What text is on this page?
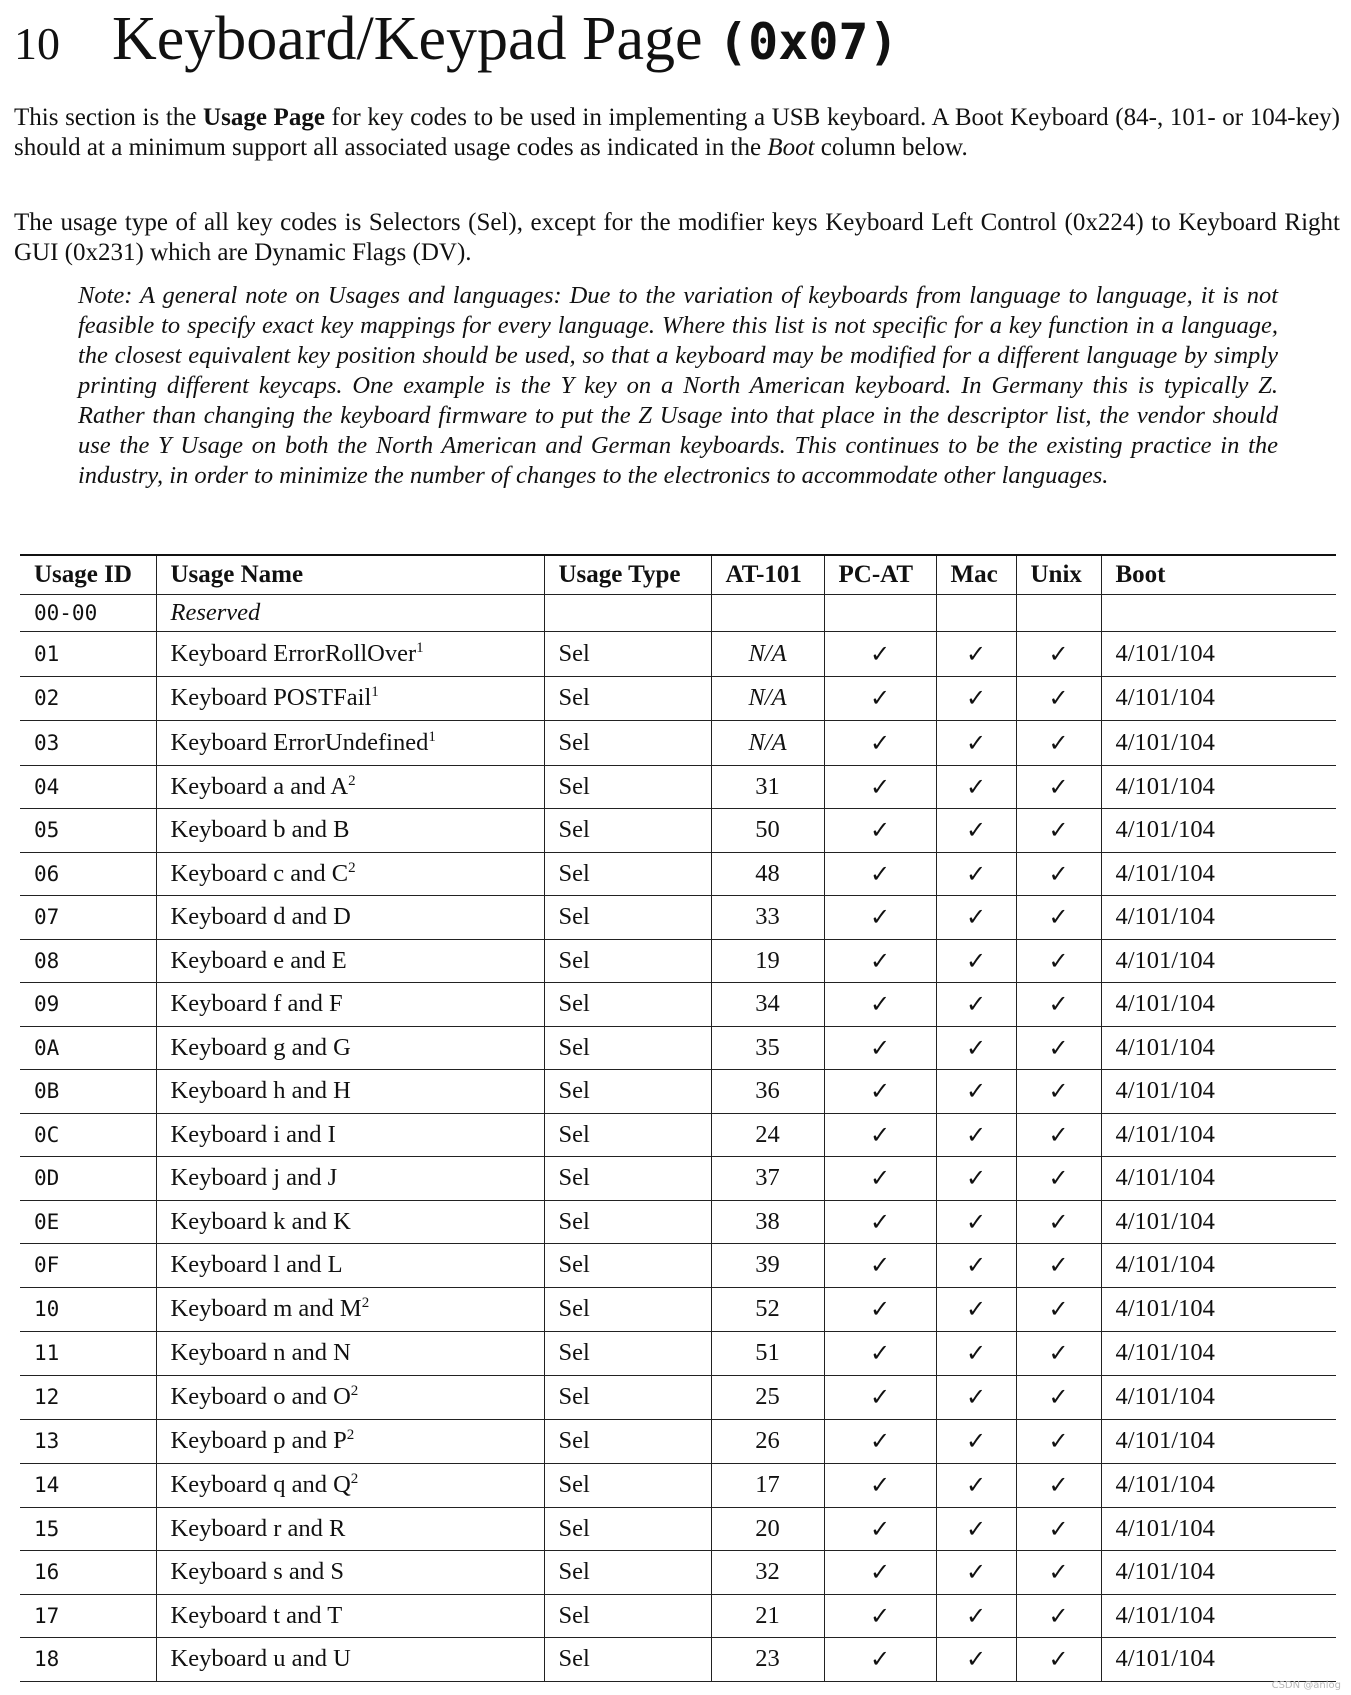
10 Keyboard/Keypad Page (0x07)

This section is the Usage Page for key codes to be used in implementing a USB keyboard. A Boot Keyboard (84-, 101- or 104-key) should at a minimum support all associated usage codes as indicated in the Boot column below.

The usage type of all key codes is Selectors (Sel), except for the modifier keys Keyboard Left Control (0x224) to Keyboard Right GUI (0x231) which are Dynamic Flags (DV).

Note: A general note on Usages and languages: Due to the variation of keyboards from language to language, it is not feasible to specify exact key mappings for every language. Where this list is not specific for a key function in a language, the closest equivalent key position should be used, so that a keyboard may be modified for a different language by simply printing different keycaps. One example is the Y key on a North American keyboard. In Germany this is typically Z. Rather than changing the keyboard firmware to put the Z Usage into that place in the descriptor list, the vendor should use the Y Usage on both the North American and German keyboards. This continues to be the existing practice in the industry, in order to minimize the number of changes to the electronics to accommodate other languages.

Usage ID	Usage Name	Usage Type	AT-101	PC-AT	Mac	Unix	Boot
00-00	Reserved						
01	Keyboard ErrorRollOver$^1$	Sel	N/A	✓	✓	✓	4/101/104
02	Keyboard POSTFail$^1$	Sel	N/A	✓	✓	✓	4/101/104
03	Keyboard ErrorUndefined$^1$	Sel	N/A	✓	✓	✓	4/101/104
04	Keyboard a and $A^2$	Sel	31	✓	✓	✓	4/101/104
05	Keyboard b and B	Sel	50	✓	✓	✓	4/101/104
06	Keyboard c and $C^2$	Sel	48	✓	✓	✓	4/101/104
07	Keyboard d and D	Sel	33	✓	✓	✓	4/101/104
08	Keyboard e and E	Sel	19	✓	✓	✓	4/101/104
09	Keyboard f and F	Sel	34	✓	✓	✓	4/101/104
0A	Keyboard g and G	Sel	35	✓	✓	✓	4/101/104
0B	Keyboard h and H	Sel	36	✓	✓	✓	4/101/104
0C	Keyboard i and I	Sel	24	✓	✓	✓	4/101/104
0D	Keyboard j and J	Sel	37	✓	✓	✓	4/101/104
0E	Keyboard k and K	Sel	38	✓	✓	✓	4/101/104
0F	Keyboard l and L	Sel	39	✓	✓	✓	4/101/104
10	Keyboard m and $M^2$	Sel	52	✓	✓	✓	4/101/104
11	Keyboard n and N	Sel	51	✓	✓	✓	4/101/104
12	Keyboard o and $O^2$	Sel	25	✓	✓	✓	4/101/104
13	Keyboard p and $P^2$	Sel	26	✓	✓	✓	4/101/104
14	Keyboard q and $Q^2$	Sel	17	✓	✓	✓	4/101/104
15	Keyboard r and R	Sel	20	✓	✓	✓	4/101/104
16	Keyboard s and S	Sel	32	✓	✓	✓	4/101/104
17	Keyboard t and T	Sel	21	✓	✓	✓	4/101/104
18	Keyboard u and U	Sel	23	✓	✓	✓	4/101/104
CSDN @anlog
